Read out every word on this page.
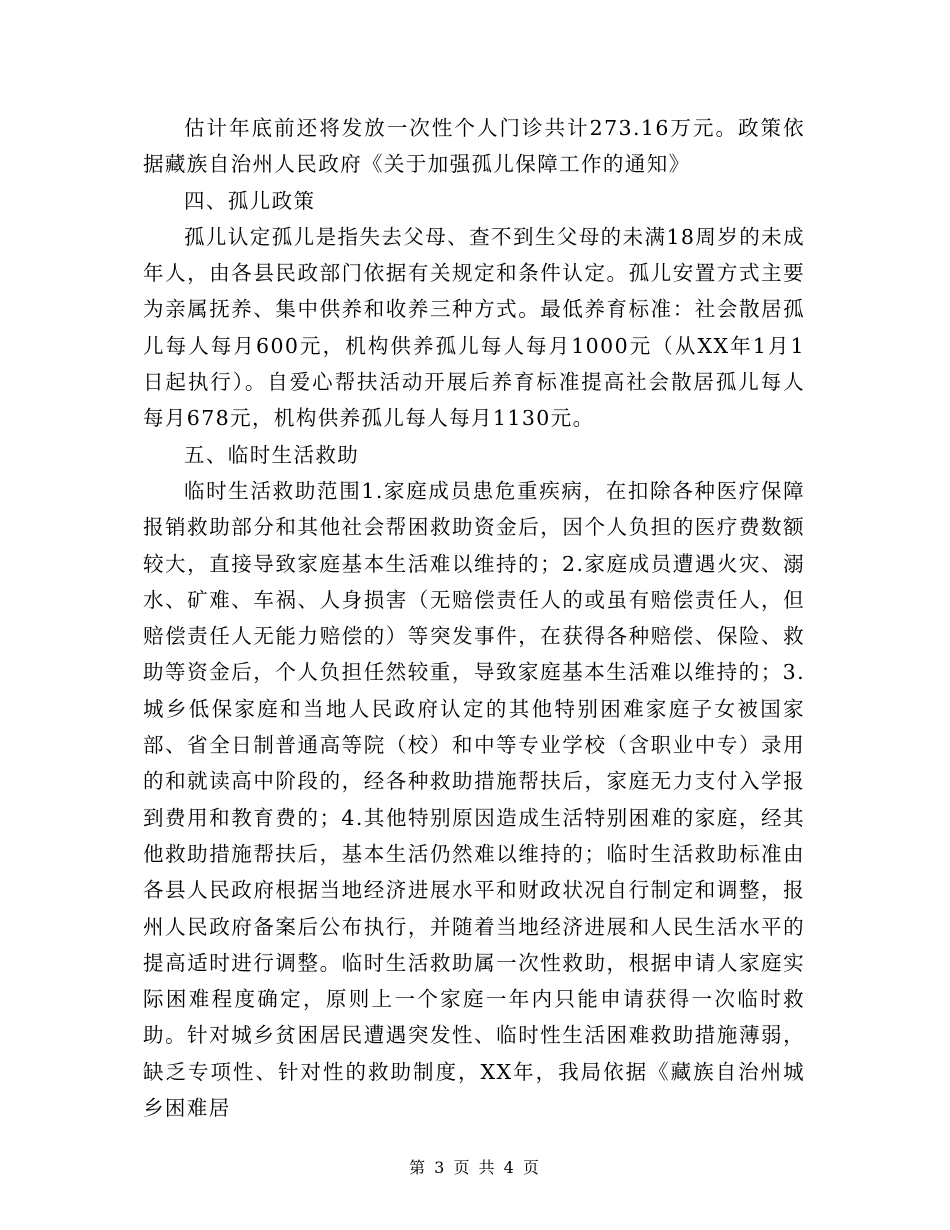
估计年底前还将发放一次性个人门诊共计273.16万元。政策依据藏族自治州人民政府《关于加强孤儿保障工作的通知》

四、孤儿政策

孤儿认定孤儿是指失去父母、查不到生父母的未满18周岁的未成年人，由各县民政部门依据有关规定和条件认定。孤儿安置方式主要为亲属抚养、集中供养和收养三种方式。最低养育标准：社会散居孤儿每人每月600元，机构供养孤儿每人每月1000元（从XX年1月1日起执行）。自爱心帮扶活动开展后养育标准提高社会散居孤儿每人每月678元，机构供养孤儿每人每月1130元。

五、临时生活救助

临时生活救助范围1.家庭成员患危重疾病，在扣除各种医疗保障报销救助部分和其他社会帮困救助资金后，因个人负担的医疗费数额较大，直接导致家庭基本生活难以维持的；2.家庭成员遭遇火灾、溺水、矿难、车祸、人身损害（无赔偿责任人的或虽有赔偿责任人，但赔偿责任人无能力赔偿的）等突发事件，在获得各种赔偿、保险、救助等资金后，个人负担任然较重，导致家庭基本生活难以维持的；3.城乡低保家庭和当地人民政府认定的其他特别困难家庭子女被国家部、省全日制普通高等院（校）和中等专业学校（含职业中专）录用的和就读高中阶段的，经各种救助措施帮扶后，家庭无力支付入学报到费用和教育费的；4.其他特别原因造成生活特别困难的家庭，经其他救助措施帮扶后，基本生活仍然难以维持的；临时生活救助标准由各县人民政府根据当地经济进展水平和财政状况自行制定和调整，报州人民政府备案后公布执行，并随着当地经济进展和人民生活水平的提高适时进行调整。临时生活救助属一次性救助，根据申请人家庭实际困难程度确定，原则上一个家庭一年内只能申请获得一次临时救助。针对城乡贫困居民遭遇突发性、临时性生活困难救助措施薄弱，缺乏专项性、针对性的救助制度，XX年，我局依据《藏族自治州城乡困难居

第 3 页 共 4 页
